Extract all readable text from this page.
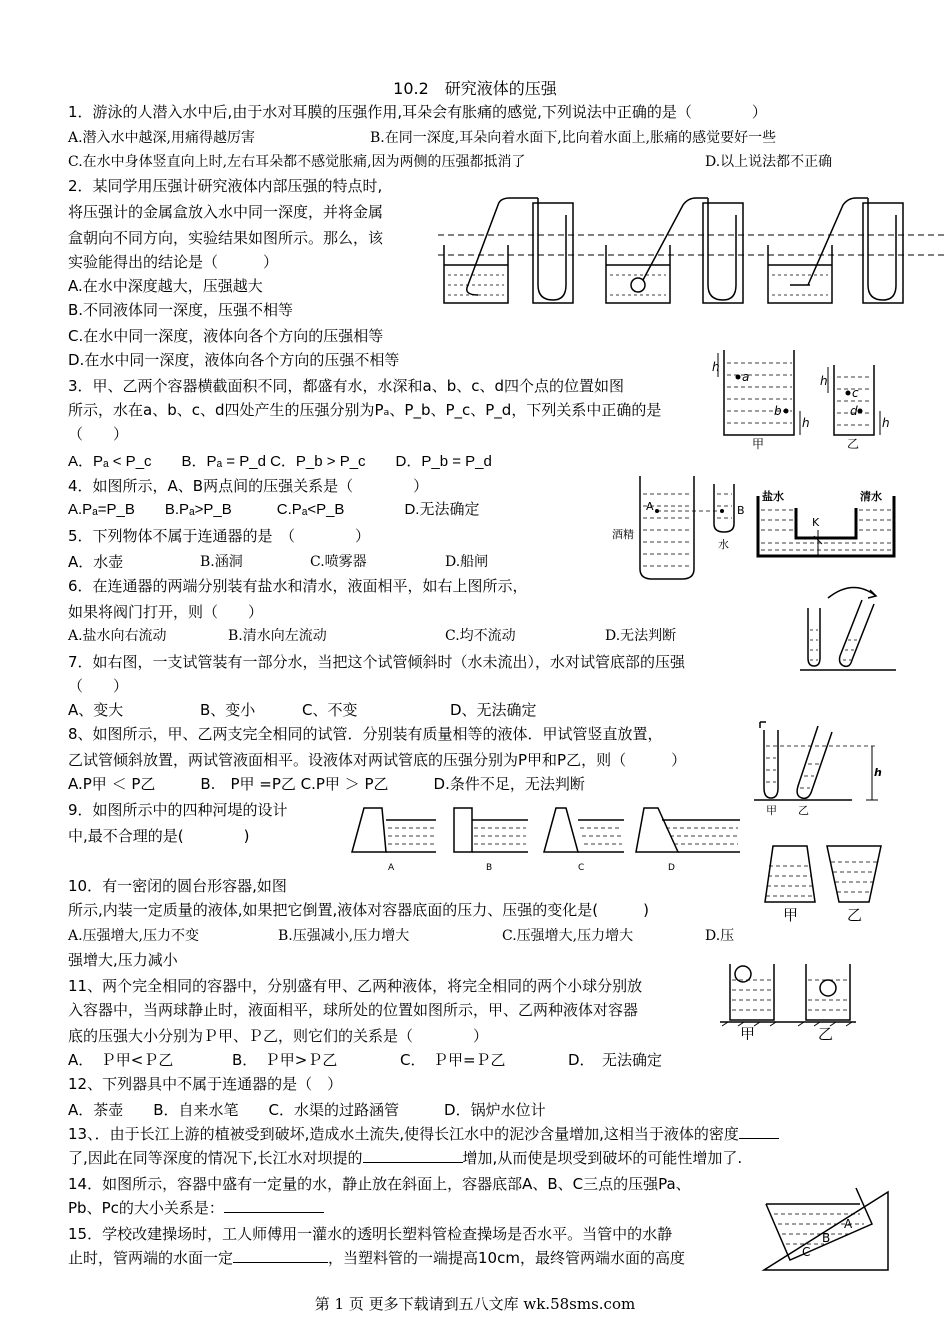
10.2　研究液体的压强
1．游泳的人潜入水中后,由于水对耳膜的压强作用,耳朵会有胀痛的感觉,下列说法中正确的是（　　　　）
A.潜入水中越深,用痛得越厉害	B.在同一深度,耳朵向着水面下,比向着水面上,胀痛的感觉要好一些
C.在水中身体竖直向上时,左右耳朵都不感觉胀痛,因为两侧的压强都抵消了	D.以上说法都不正确
2．某同学用压强计研究液体内部压强的特点时,
将压强计的金属盒放入水中同一深度，并将金属
盒朝向不同方向，实验结果如图所示。那么，该
实验能得出的结论是（　　　）
A.在水中深度越大，压强越大
B.不同液体同一深度，压强不相等
C.在水中同一深度，液体向各个方向的压强相等
D.在水中同一深度，液体向各个方向的压强不相等
3．甲、乙两个容器横截面积不同，都盛有水，水深和a、b、c、d四个点的位置如图
所示，水在a、b、c、d四处产生的压强分别为Pₐ、P_b、P_c、P_d，下列关系中正确的是
（　　）
A．Pₐ < P_c　　B．Pₐ = P_d C．P_b > P_c　　D．P_b = P_d
h
a
b
h
甲
h
c
d
h
乙
4．如图所示，A、B两点间的压强关系是（　　　　）
A.Pₐ=P_B　　B.Pₐ>P_B　　　C.Pₐ<P_B　　　　D.无法确定	A	B
酒精
水
盐水	清水
K
5．下列物体不属于连通器的是　（　　　　）
A．水壶	B.涵洞	C.喷雾器	D.船闸
6．在连通器的两端分别装有盐水和清水，液面相平，如右上图所示，
如果将阀门打开，则（　　）
A.盐水向右流动	B.清水向左流动	C.均不流动	D.无法判断
7．如右图，一支试管装有一部分水，当把这个试管倾斜时（水未流出），水对试管底部的压强
（　　）
A、变大	B、变小	C、不变	D、无法确定
8、如图所示，甲、乙两支完全相同的试管．分别装有质量相等的液体．甲试管竖直放置，
乙试管倾斜放置，两试管液面相平。设液体对两试管底的压强分别为P甲和P乙，则（　　　）
A.P甲 ＜ P乙　　　B.　P甲 =P乙 C.P甲 ＞ P乙　　　D.条件不足，无法判断
h
甲 乙
9．如图所示中的四种河堤的设计
中,最不合理的是(　　　　)
A	B	C	D
甲	乙
10．有一密闭的圆台形容器,如图
所示,内装一定质量的液体,如果把它倒置,液体对容器底面的压力、压强的变化是(　　　)
A.压强增大,压力不变	B.压强减小,压力增大	C.压强增大,压力增大	D.压
强增大,压力减小
11、两个完全相同的容器中，分别盛有甲、乙两种液体，将完全相同的两个小球分别放
入容器中，当两球静止时，液面相平，球所处的位置如图所示，甲、乙两种液体对容器
底的压强大小分别为Ｐ甲、Ｐ乙，则它们的关系是（　　　　）
A．　Ｐ甲<Ｐ乙	B．　Ｐ甲>Ｐ乙	C．　Ｐ甲=Ｐ乙	D．　无法确定
甲	乙
12、下列器具中不属于连通器的是（　）
A．茶壶　　B．自来水笔　　C．水渠的过路涵管　　　D．锅炉水位计
13、．由于长江上游的植被受到破坏,造成水土流失,使得长江水中的泥沙含量增加,这相当于液体的密度
了,因此在同等深度的情况下,长江水对坝提的	增加,从而使是坝受到破坏的可能性增加了.
14．如图所示，容器中盛有一定量的水，静止放在斜面上，容器底部A、B、C三点的压强Pa、
Pb、Pc的大小关系是：
A
B
C
15．学校改建操场时，工人师傅用一灌水的透明长塑料管检查操场是否水平。当管中的水静
止时，管两端的水面一定	，当塑料管的一端提高10cm，最终管两端水面的高度
第 1 页 更多下载请到五八文库 wk.58sms.com
